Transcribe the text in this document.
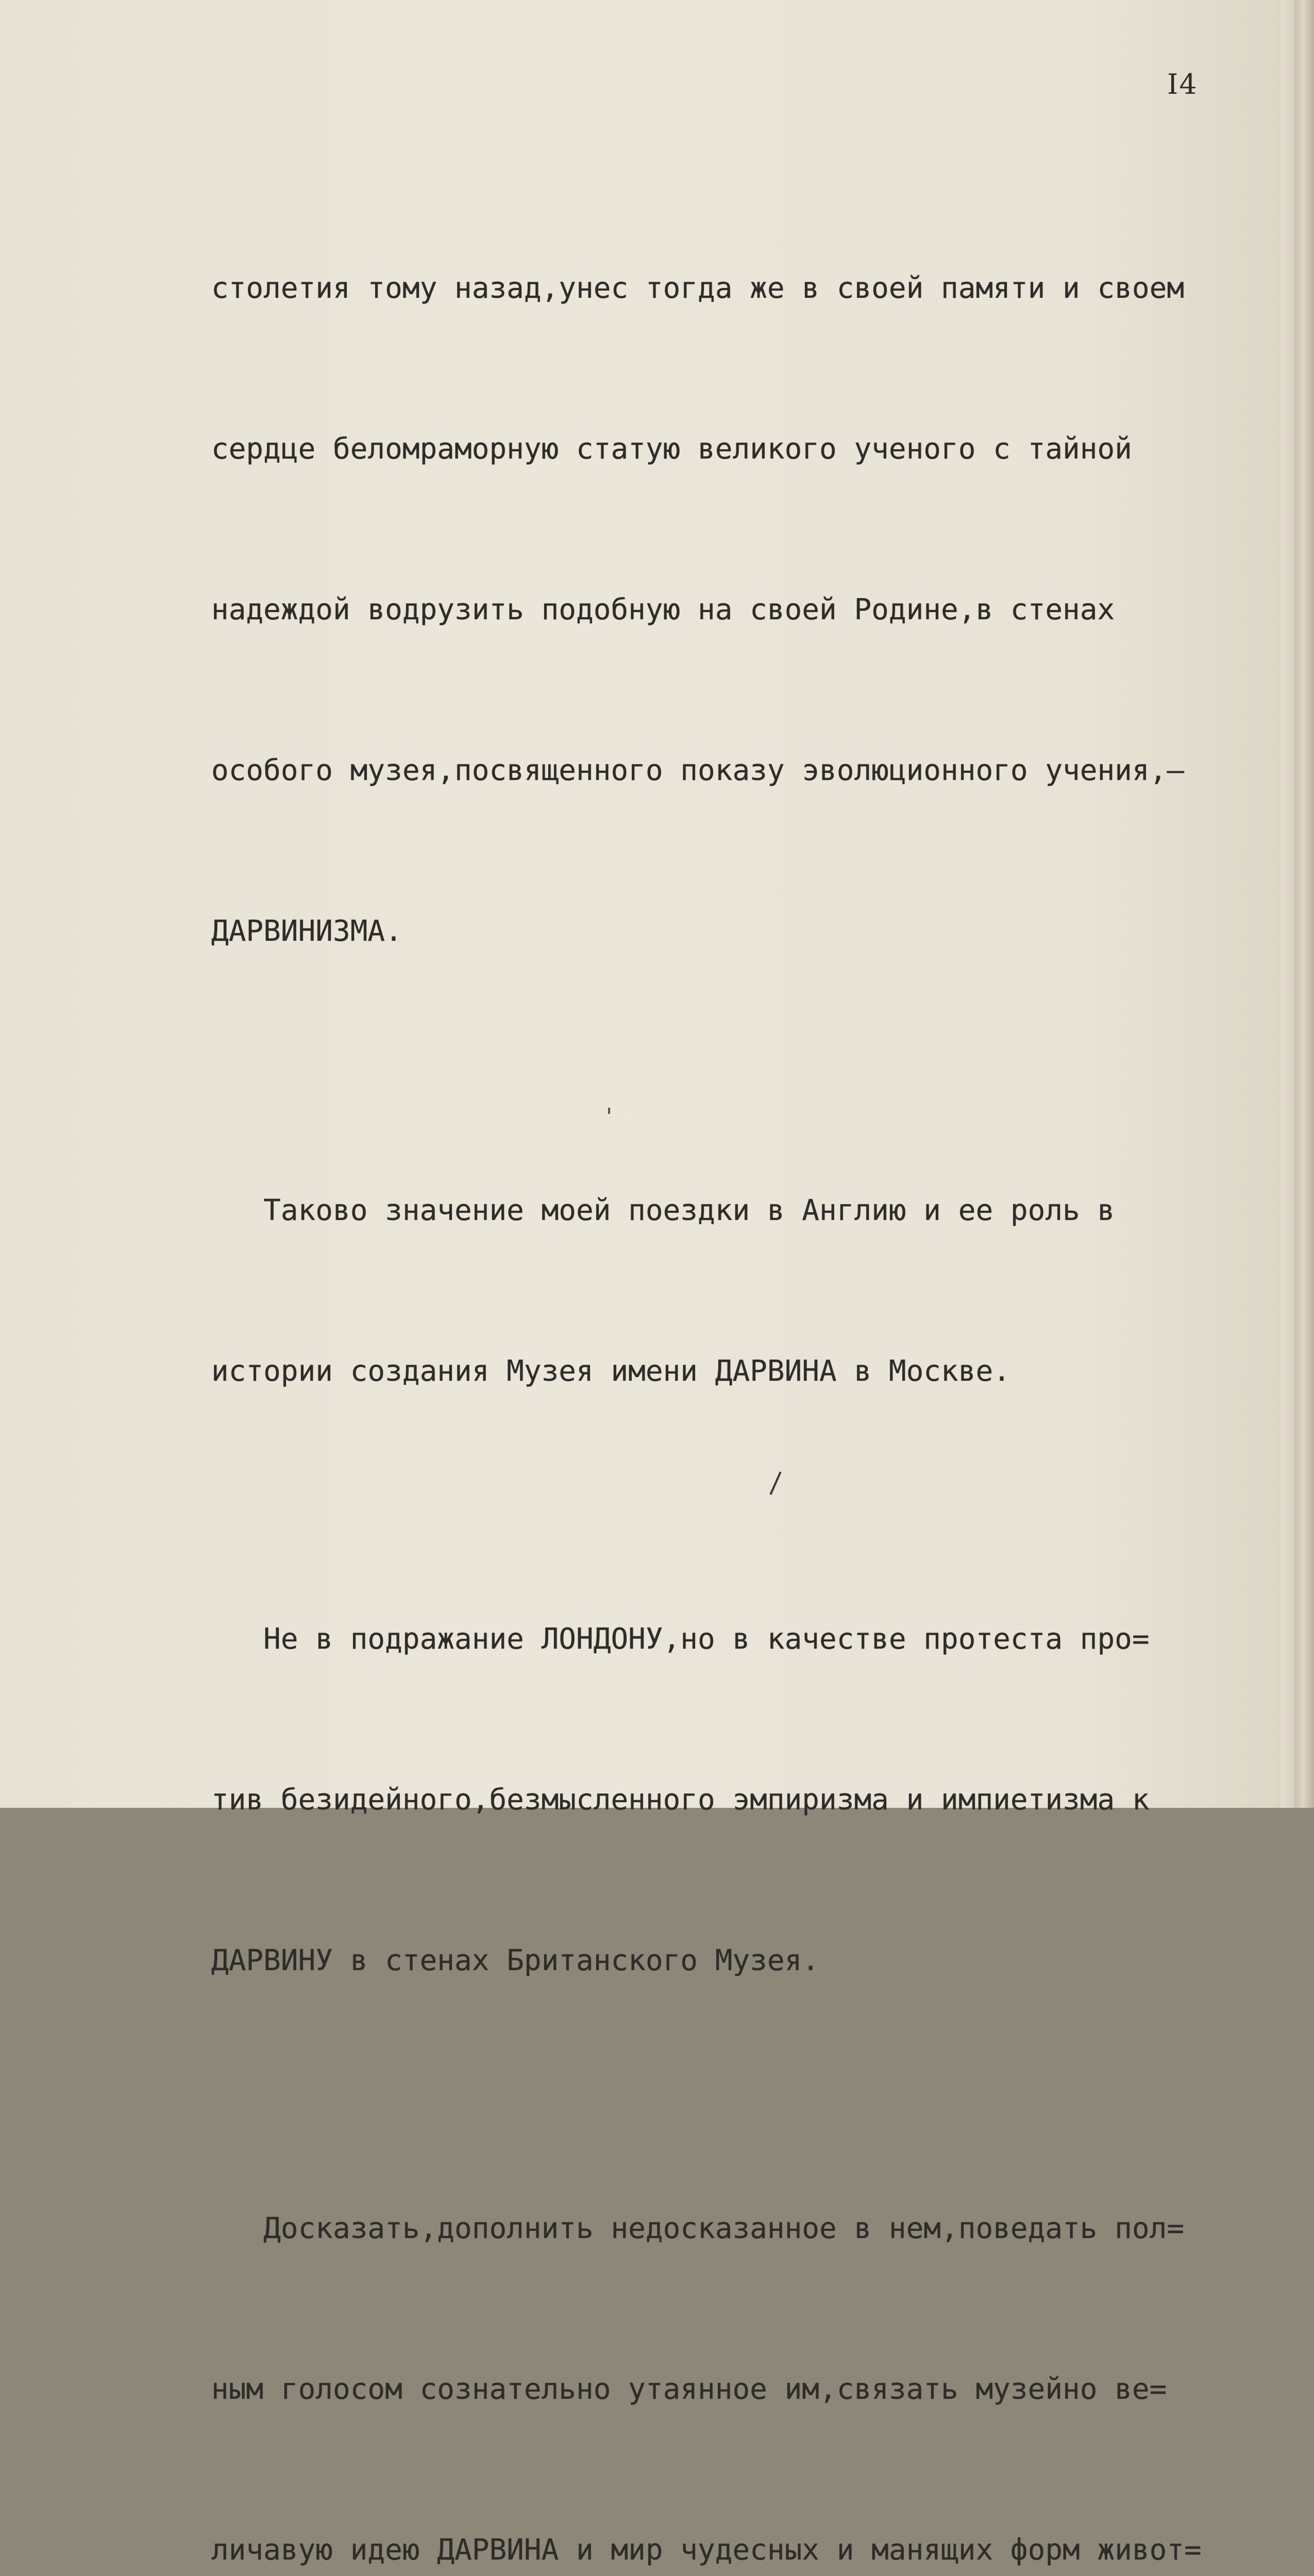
I4

столетия тому назад,унес тогда же в своей памяти и своем

сердце беломраморную статую великого ученого с тайной

надеждой водрузить подобную на своей Родине,в стенах

особого музея,посвященного показу эволюционного учения,—

ДАРВИНИЗМА.

Таково значение моей поездки в Англию и ее роль в

истории создания Музея имени ДАРВИНА в Москве.

Не в подражание ЛОНДОНУ,но в качестве протеста про=

тив безидейного,безмысленного эмпиризма и импиетизма к

ДАРВИНУ в стенах Британского Музея.

Досказать,дополнить недосказанное в нем,поведать пол=

ным голосом сознательно утаянное им,связать музейно ве=

личавую идею ДАРВИНА и мир чудесных и манящих форм живот=
